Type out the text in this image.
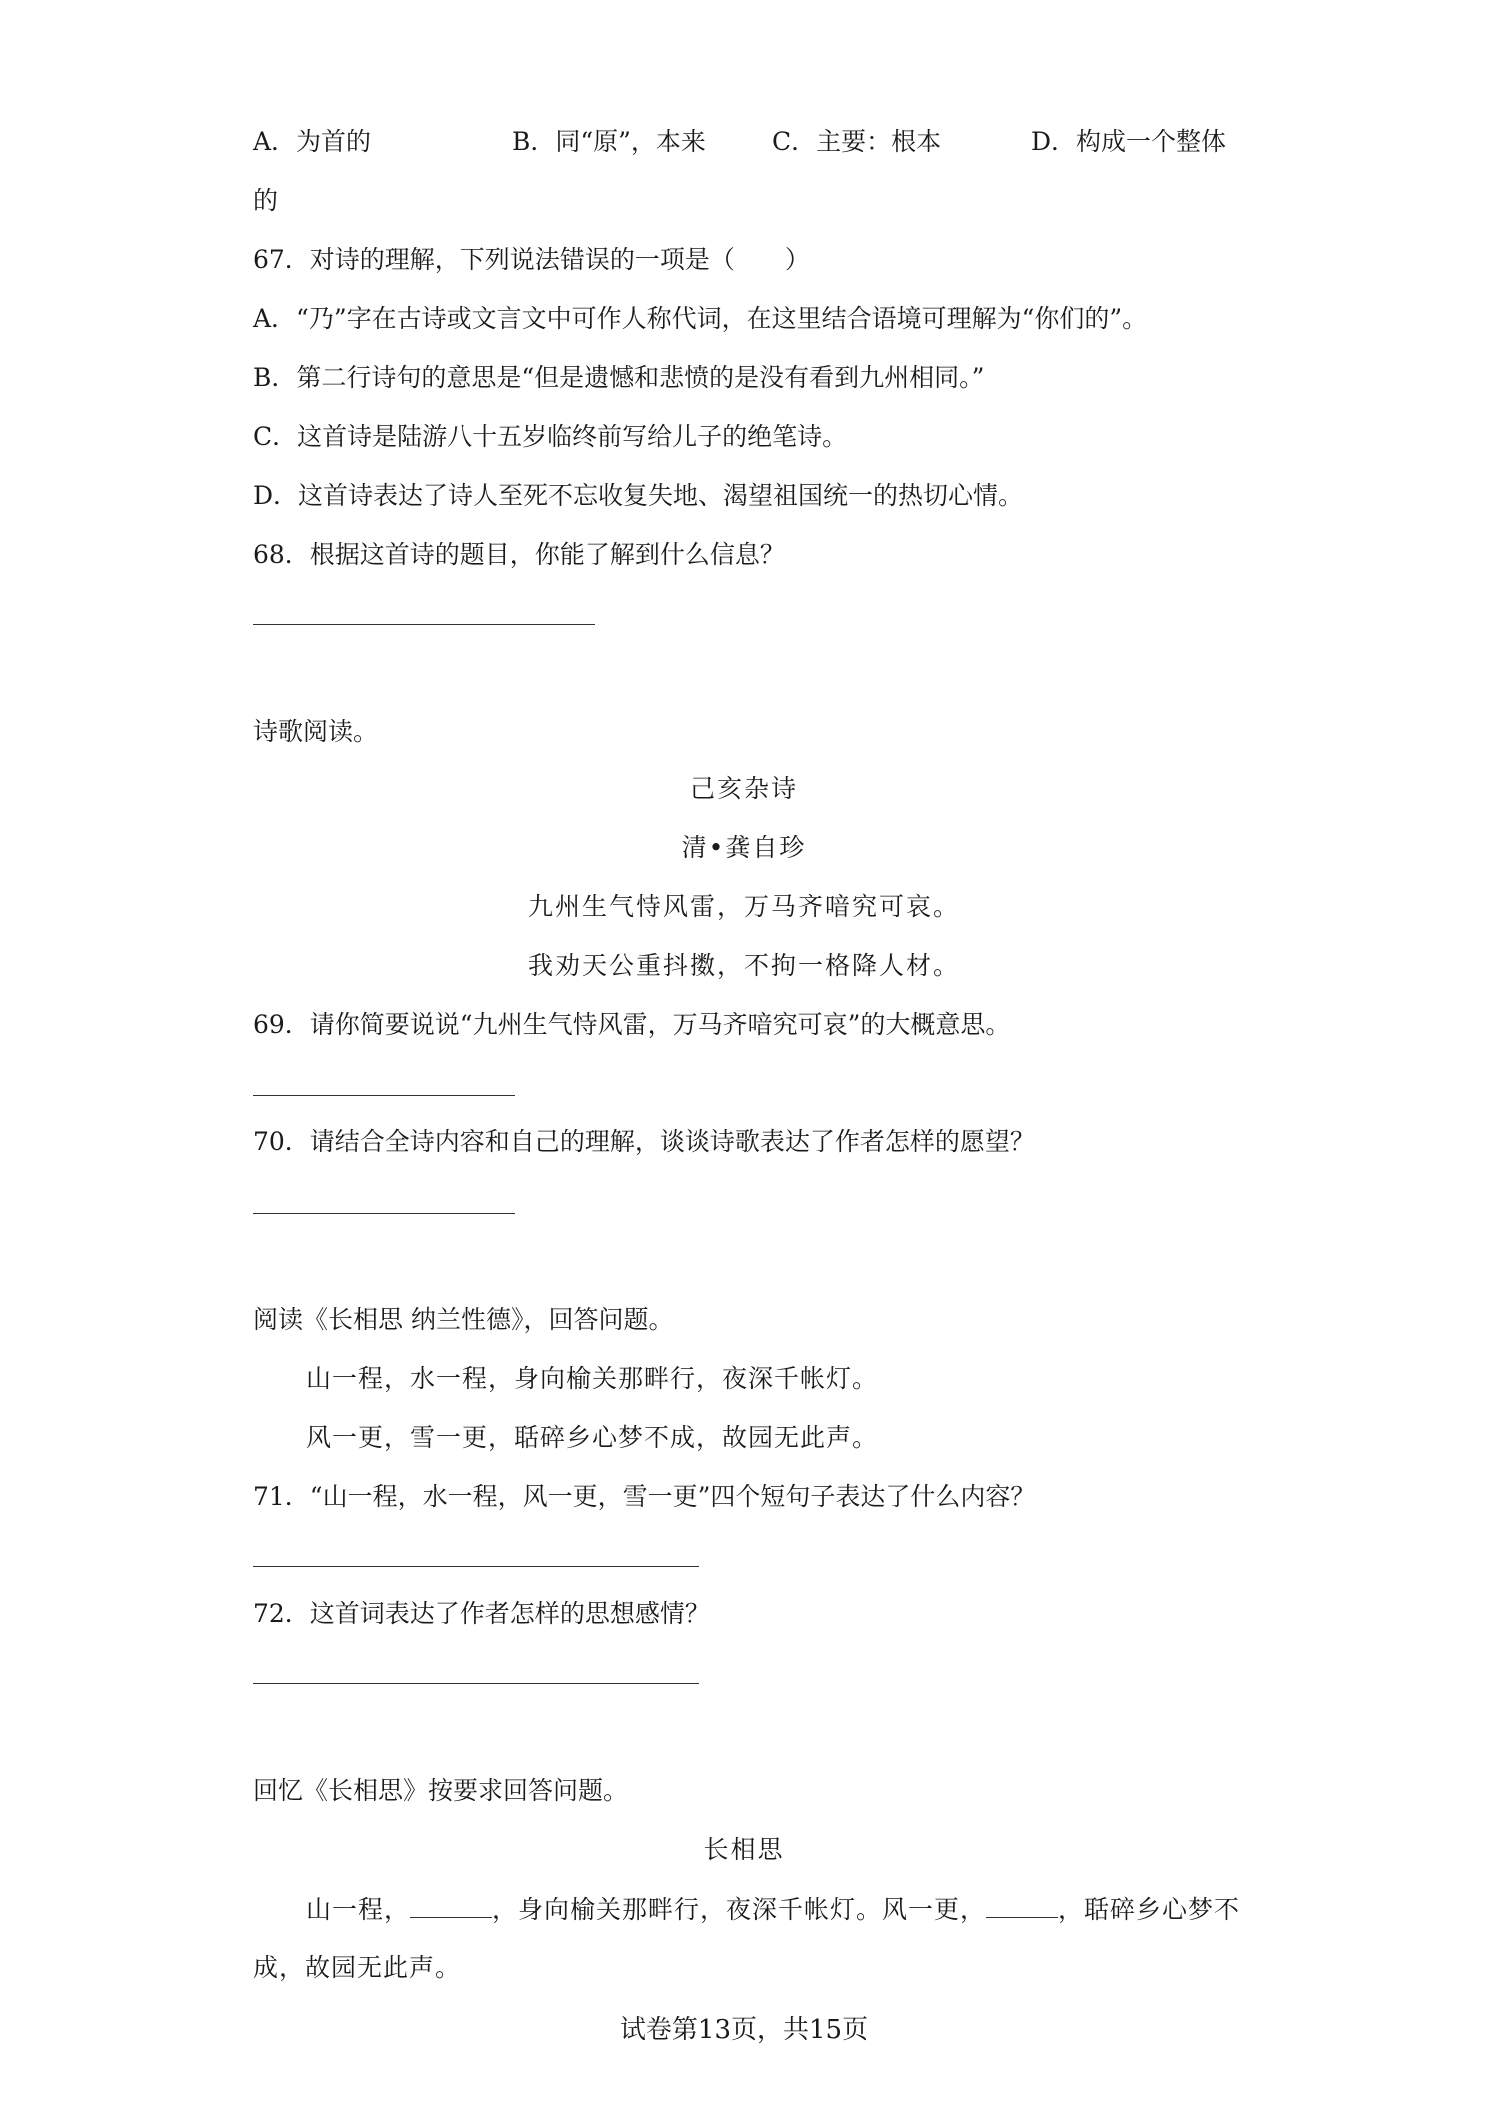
A．为首的	B．同“原”，本来	C．主要：根本	D．构成一个整体
的
67．对诗的理解，下列说法错误的一项是（　　）
A．“乃”字在古诗或文言文中可作人称代词，在这里结合语境可理解为“你们的”。
B．第二行诗句的意思是“但是遗憾和悲愤的是没有看到九州相同。”
C．这首诗是陆游八十五岁临终前写给儿子的绝笔诗。
D．这首诗表达了诗人至死不忘收复失地、渴望祖国统一的热切心情。
68．根据这首诗的题目，你能了解到什么信息？
诗歌阅读。
己亥杂诗
清•龚自珍
九州生气恃风雷，万马齐喑究可哀。
我劝天公重抖擞，不拘一格降人材。
69．请你简要说说“九州生气恃风雷，万马齐喑究可哀”的大概意思。
70．请结合全诗内容和自己的理解，谈谈诗歌表达了作者怎样的愿望？
阅读《长相思 纳兰性德》，回答问题。
山一程，水一程，身向榆关那畔行，夜深千帐灯。
风一更，雪一更，聒碎乡心梦不成，故园无此声。
71．“山一程，水一程，风一更，雪一更”四个短句子表达了什么内容？
72．这首词表达了作者怎样的思想感情？
回忆《长相思》按要求回答问题。
长相思
山一程，	，身向榆关那畔行，夜深千帐灯。风一更，	，聒碎乡心梦不
成，故园无此声。
试卷第13页，共15页
